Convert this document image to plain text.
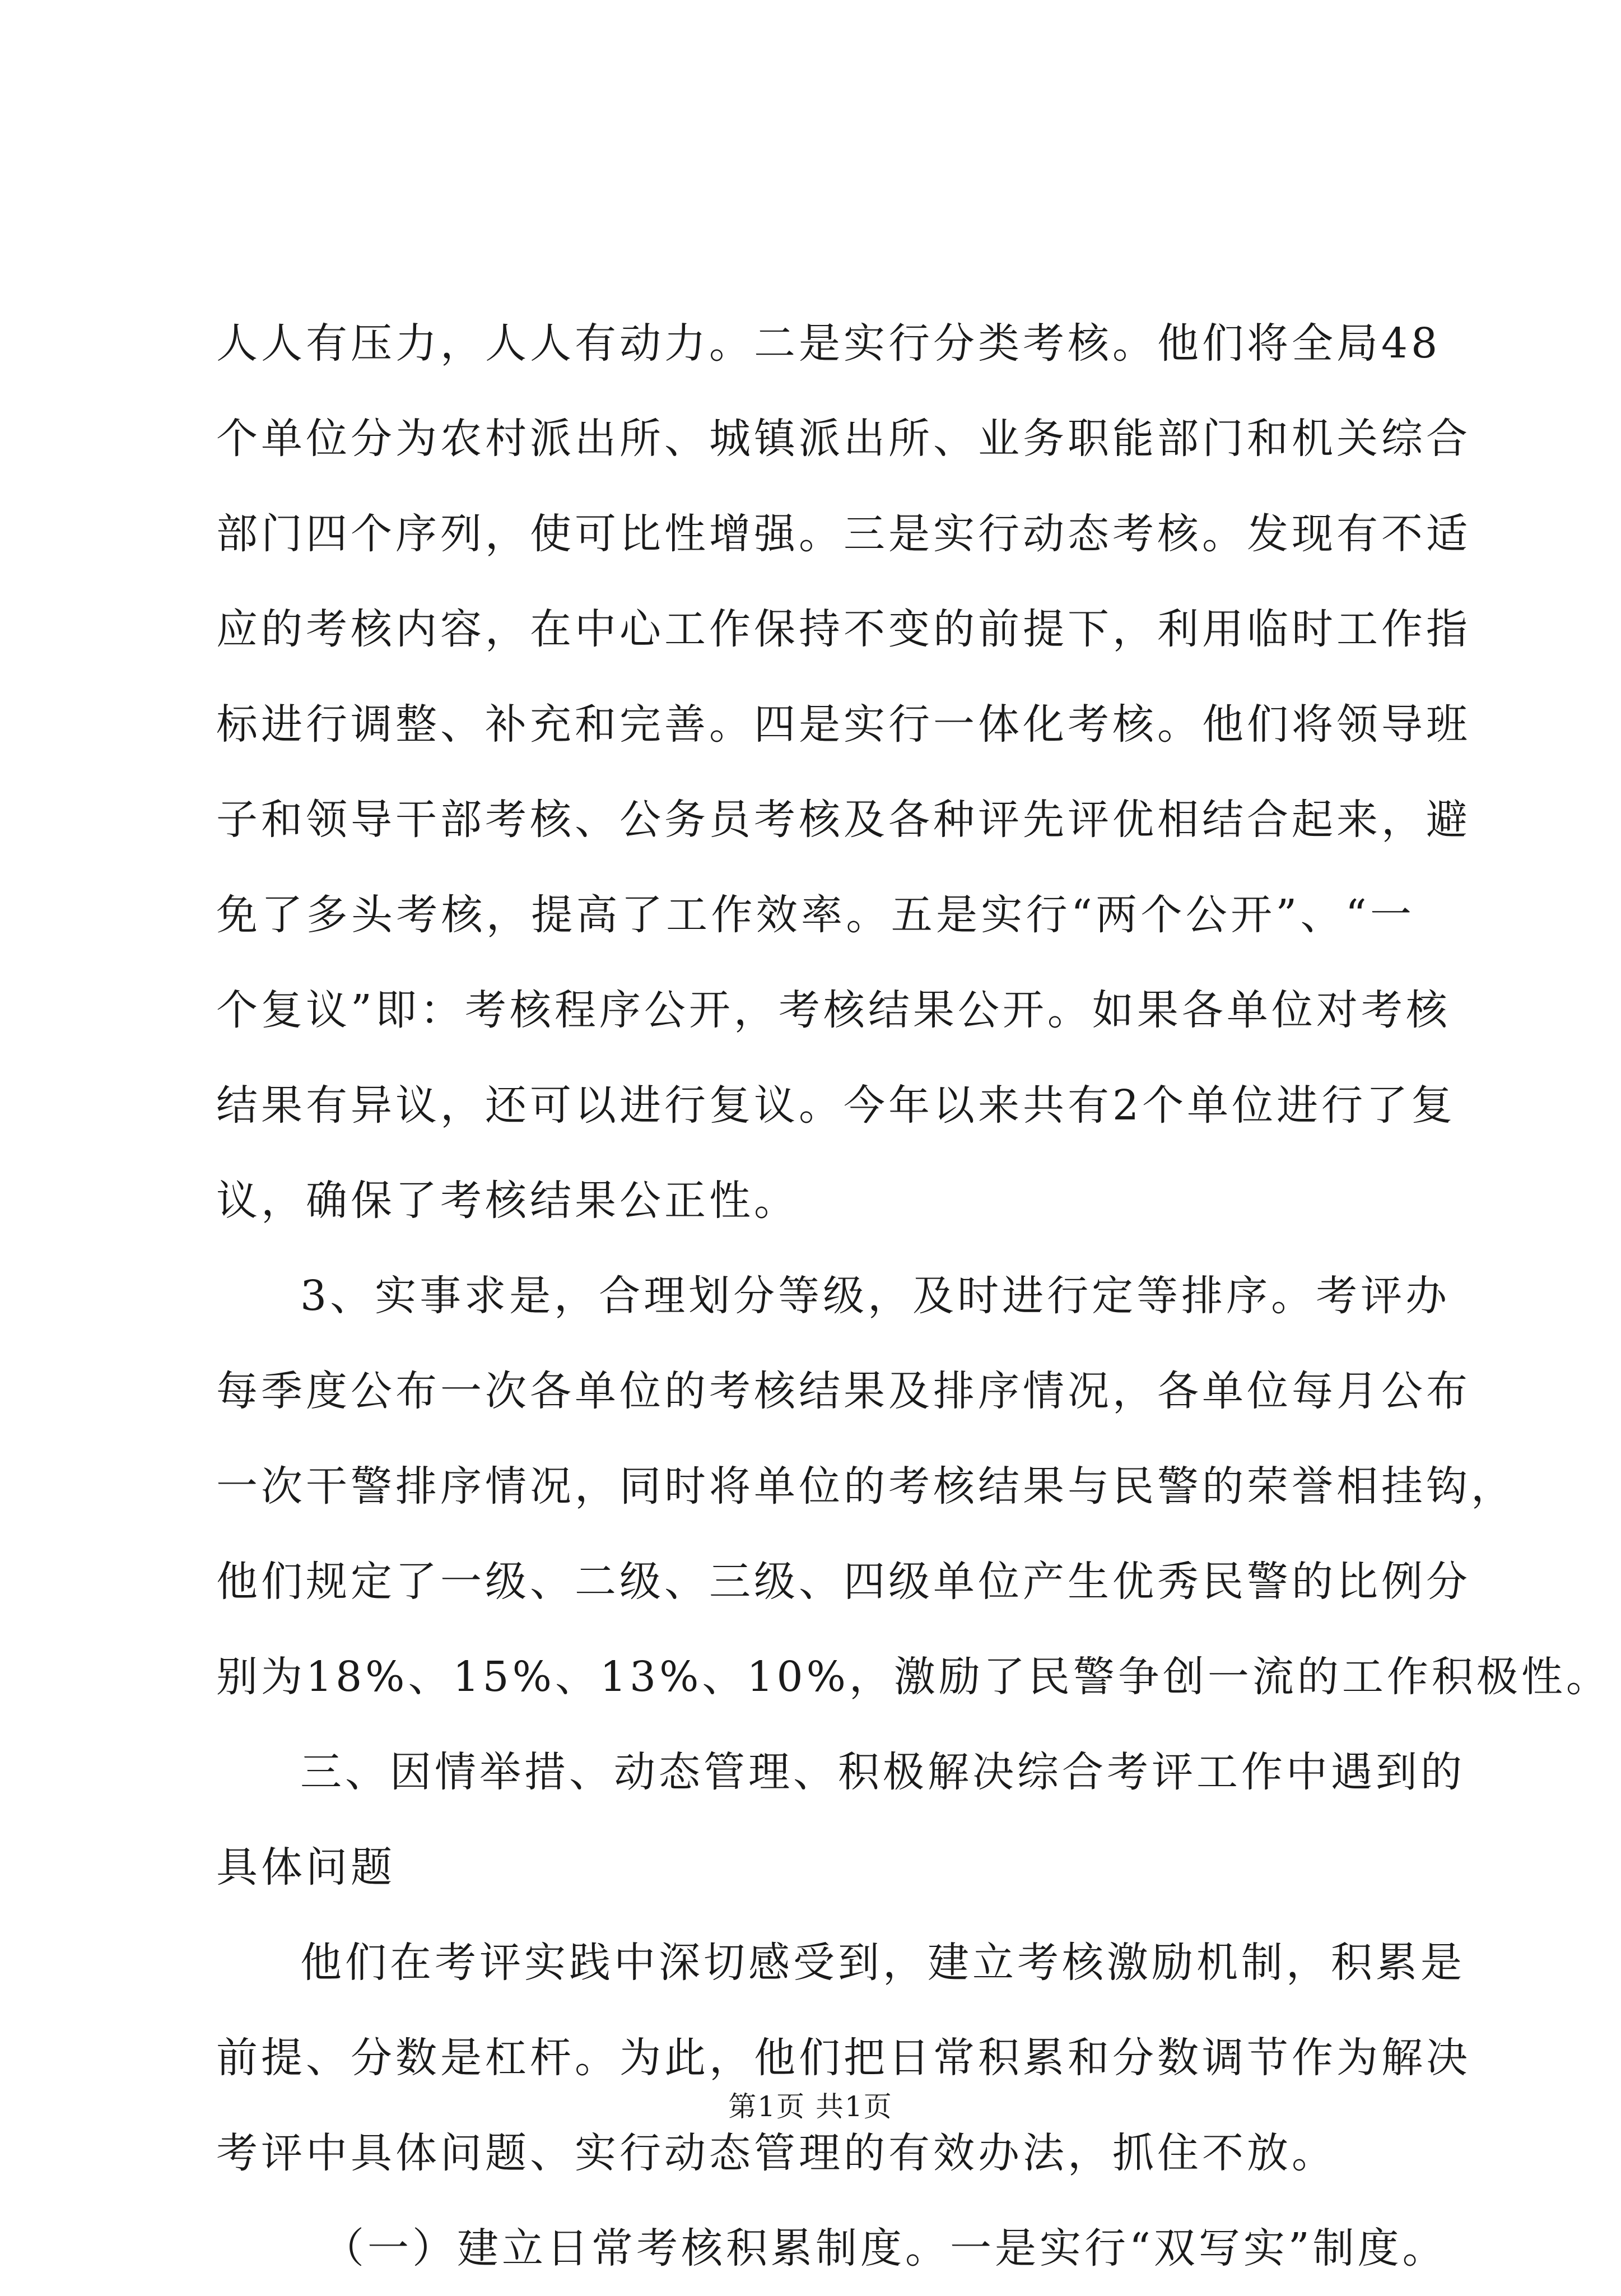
人人有压力，人人有动力。二是实行分类考核。他们将全局48
个单位分为农村派出所、城镇派出所、业务职能部门和机关综合
部门四个序列，使可比性增强。三是实行动态考核。发现有不适
应的考核内容，在中心工作保持不变的前提下，利用临时工作指
标进行调整、补充和完善。四是实行一体化考核。他们将领导班
子和领导干部考核、公务员考核及各种评先评优相结合起来，避
免了多头考核，提高了工作效率。五是实行“两个公开”、“一
个复议”即：考核程序公开，考核结果公开。如果各单位对考核
结果有异议，还可以进行复议。今年以来共有2个单位进行了复
议，确保了考核结果公正性。
3、实事求是，合理划分等级，及时进行定等排序。考评办
每季度公布一次各单位的考核结果及排序情况，各单位每月公布
一次干警排序情况，同时将单位的考核结果与民警的荣誉相挂钩，
他们规定了一级、二级、三级、四级单位产生优秀民警的比例分
别为18%、15%、13%、10%，激励了民警争创一流的工作积极性。
三、因情举措、动态管理、积极解决综合考评工作中遇到的
具体问题
他们在考评实践中深切感受到，建立考核激励机制，积累是
前提、分数是杠杆。为此，他们把日常积累和分数调节作为解决
考评中具体问题、实行动态管理的有效办法，抓住不放。
（一）建立日常考核积累制度。一是实行“双写实”制度。
第1页 共1页
